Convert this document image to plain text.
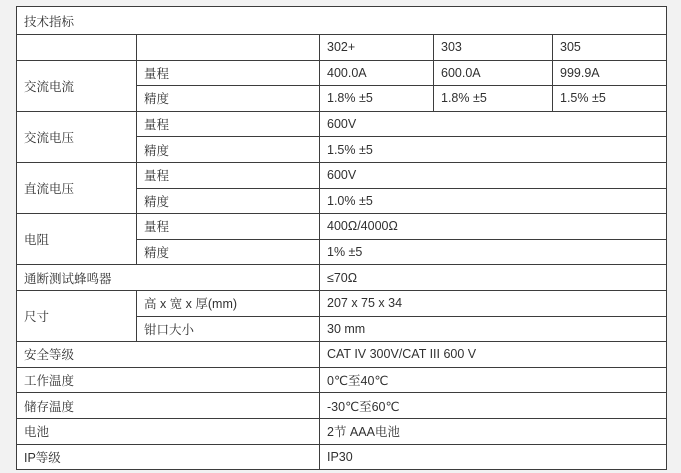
技术指标				
		302+	303	305
交流电流	量程	400.0A	600.0A	999.9A
	精度	1.8% ±5	1.8% ±5	1.5% ±5
交流电压	量程	600V		
	精度	1.5% ±5		
直流电压	量程	600V		
	精度	1.0% ±5		
电阻	量程	400Ω/4000Ω		
	精度	1% ±5		
通断测试蜂鸣器		≤70Ω		
尺寸	高 x 宽 x 厚(mm)	207 x 75 x 34		
	钳口大小	30 mm		
安全等级		CAT IV 300V/CAT III 600 V		
工作温度		0℃至40℃		
储存温度		-30℃至60℃		
电池		2节 AAA电池		
IP等级		IP30		
